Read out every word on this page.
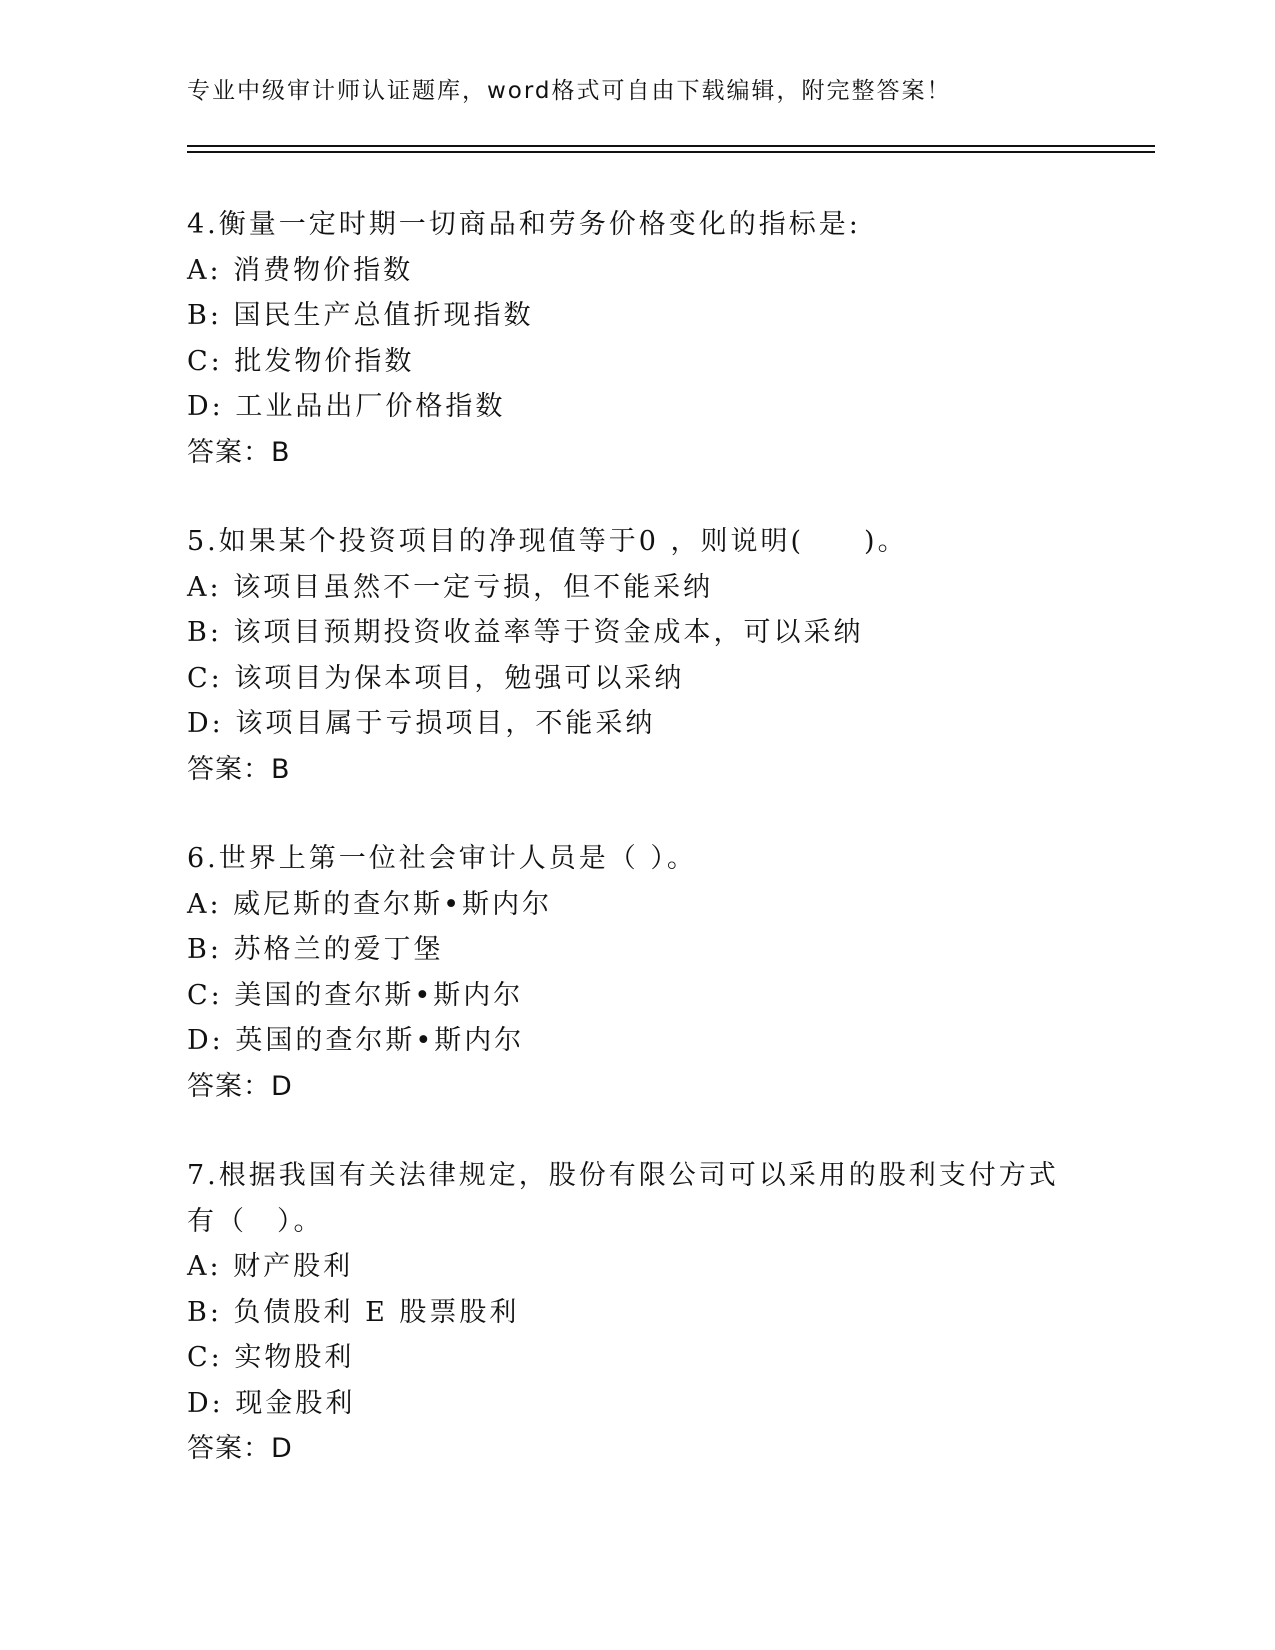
专业中级审计师认证题库，word格式可自由下载编辑，附完整答案！
4.衡量一定时期一切商品和劳务价格变化的指标是:
A: 消费物价指数
B: 国民生产总值折现指数
C: 批发物价指数
D: 工业品出厂价格指数
答案：B
5.如果某个投资项目的净现值等于0 ，则说明(　　)。
A: 该项目虽然不一定亏损，但不能采纳
B: 该项目预期投资收益率等于资金成本，可以采纳
C: 该项目为保本项目，勉强可以采纳
D: 该项目属于亏损项目，不能采纳
答案：B
6.世界上第一位社会审计人员是（ ）。
A: 威尼斯的查尔斯•斯内尔
B: 苏格兰的爱丁堡
C: 美国的查尔斯•斯内尔
D: 英国的查尔斯•斯内尔
答案：D
7.根据我国有关法律规定，股份有限公司可以采用的股利支付方式有（　）。
A: 财产股利
B: 负债股利 E 股票股利
C: 实物股利
D: 现金股利
答案：D
